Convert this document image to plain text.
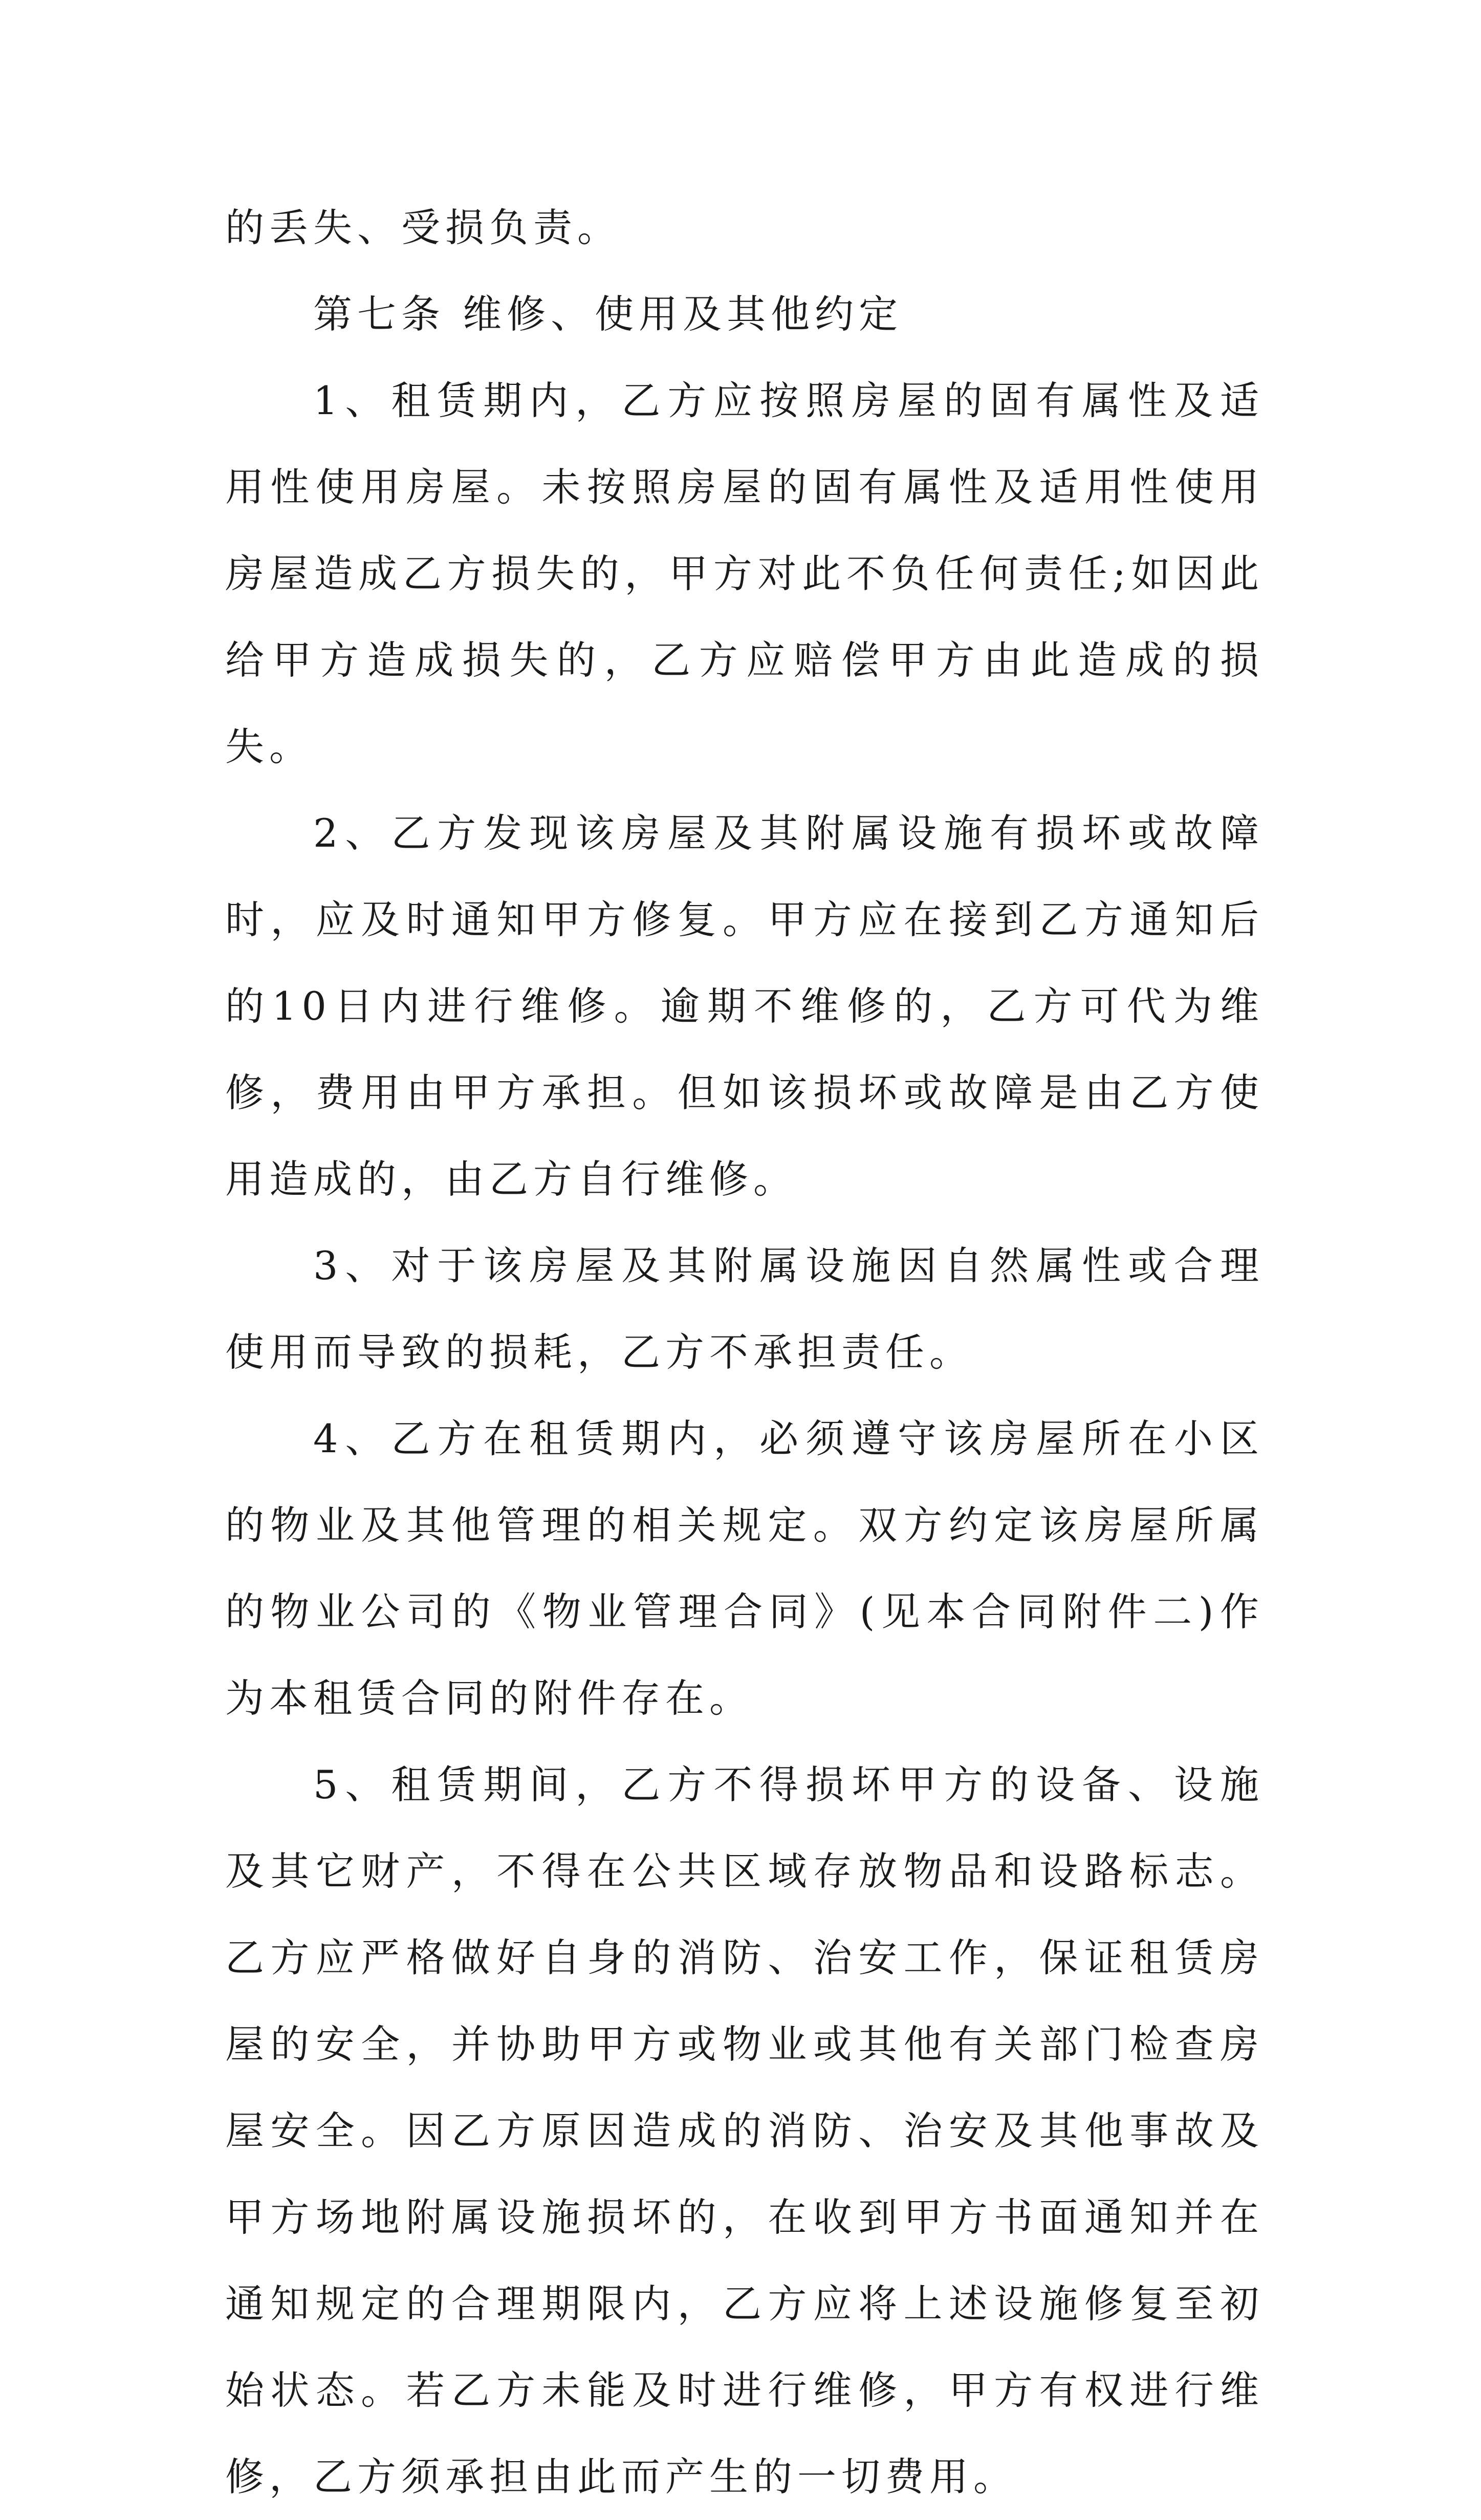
的丢失、受损负责。

第七条 维修、使用及其他约定

1、租赁期内，乙方应按照房屋的固有属性及适用性使用房屋。未按照房屋的固有属性及适用性使用房屋造成乙方损失的，甲方对此不负任何责任;如因此给甲方造成损失的，乙方应赔偿甲方由此造成的损失。

2、乙方发现该房屋及其附属设施有损坏或故障时，应及时通知甲方修复。甲方应在接到乙方通知后的10日内进行维修。逾期不维修的，乙方可代为维修，费用由甲方承担。但如该损坏或故障是由乙方使用造成的，由乙方自行维修。

3、对于该房屋及其附属设施因自然属性或合理使用而导致的损耗，乙方不承担责任。

4、乙方在租赁期内，必须遵守该房屋所在小区的物业及其他管理的相关规定。双方约定该房屋所属的物业公司的《物业管理合同》(见本合同附件二)作为本租赁合同的附件存在。

5、租赁期间，乙方不得损坏甲方的设备、设施及其它财产，不得在公共区域存放物品和设路标志。乙方应严格做好自身的消防、治安工作，保证租赁房屋的安全，并协助甲方或物业或其他有关部门检查房屋安全。因乙方原因造成的消防、治安及其他事故及甲方场地附属设施损坏的，在收到甲方书面通知并在通知规定的合理期限内，乙方应将上述设施修复至初始状态。若乙方未能及时进行维修，甲方有权进行维修，乙方须承担由此而产生的一切费用。
